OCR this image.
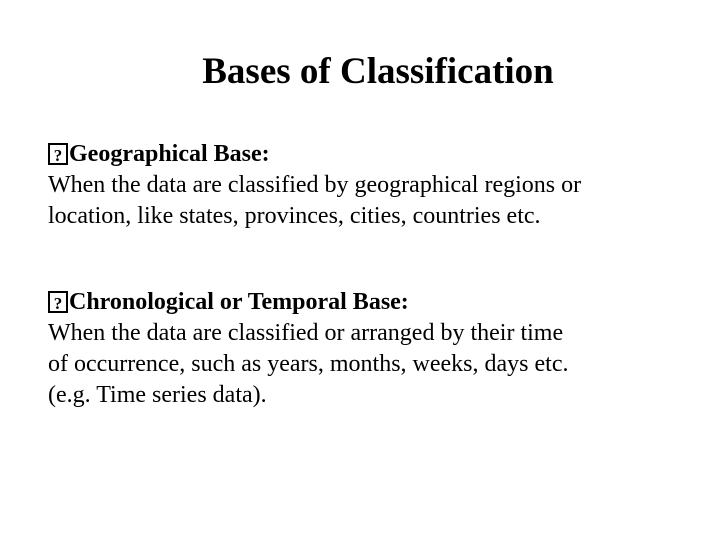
Bases of Classification
?Geographical Base:
When the data are classified by geographical regions or
location, like states, provinces, cities, countries etc.
?Chronological or Temporal Base:
When the data are classified or arranged by their time
of occurrence, such as years, months, weeks, days etc.
(e.g. Time series data).
